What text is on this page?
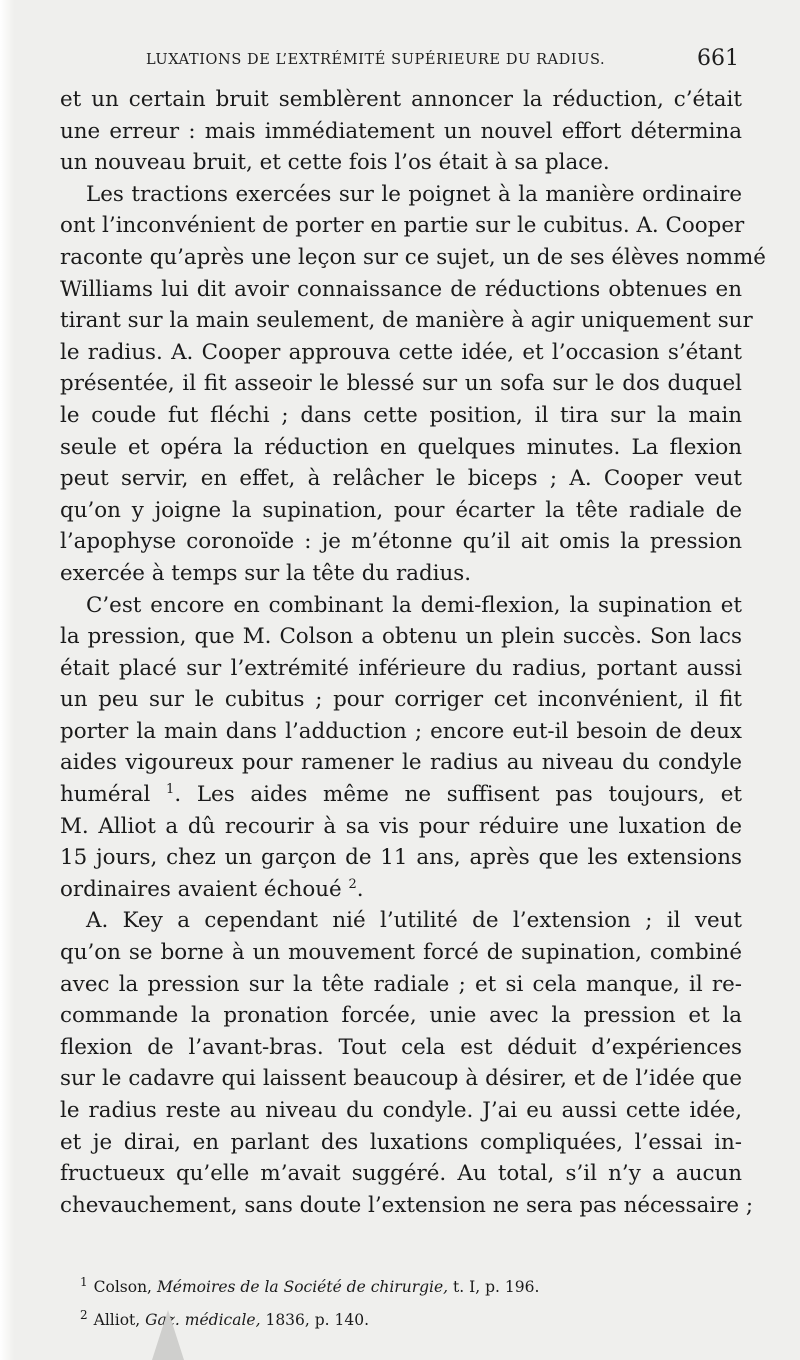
LUXATIONS DE L’EXTRÉMITÉ SUPÉRIEURE DU RADIUS.	661
et un certain bruit semblèrent annoncer la réduction, c’était
une erreur : mais immédiatement un nouvel effort détermina
un nouveau bruit, et cette fois l’os était à sa place.
Les tractions exercées sur le poignet à la manière ordinaire
ont l’inconvénient de porter en partie sur le cubitus. A. Cooper
raconte qu’après une leçon sur ce sujet, un de ses élèves nommé
Williams lui dit avoir connaissance de réductions obtenues en
tirant sur la main seulement, de manière à agir uniquement sur
le radius. A. Cooper approuva cette idée, et l’occasion s’étant
présentée, il fit asseoir le blessé sur un sofa sur le dos duquel
le coude fut fléchi ; dans cette position, il tira sur la main
seule et opéra la réduction en quelques minutes. La flexion
peut servir, en effet, à relâcher le biceps ; A. Cooper veut
qu’on y joigne la supination, pour écarter la tête radiale de
l’apophyse coronoïde : je m’étonne qu’il ait omis la pression
exercée à temps sur la tête du radius.
C’est encore en combinant la demi-flexion, la supination et
la pression, que M. Colson a obtenu un plein succès. Son lacs
était placé sur l’extrémité inférieure du radius, portant aussi
un peu sur le cubitus ; pour corriger cet inconvénient, il fit
porter la main dans l’adduction ; encore eut-il besoin de deux
aides vigoureux pour ramener le radius au niveau du condyle
huméral $^1$. Les aides même ne suffisent pas toujours, et
M. Alliot a dû recourir à sa vis pour réduire une luxation de
15 jours, chez un garçon de 11 ans, après que les extensions
ordinaires avaient échoué $^2$.
A. Key a cependant nié l’utilité de l’extension ; il veut
qu’on se borne à un mouvement forcé de supination, combiné
avec la pression sur la tête radiale ; et si cela manque, il re-
commande la pronation forcée, unie avec la pression et la
flexion de l’avant-bras. Tout cela est déduit d’expériences
sur le cadavre qui laissent beaucoup à désirer, et de l’idée que
le radius reste au niveau du condyle. J’ai eu aussi cette idée,
et je dirai, en parlant des luxations compliquées, l’essai in-
fructueux qu’elle m’avait suggéré. Au total, s’il n’y a aucun
chevauchement, sans doute l’extension ne sera pas nécessaire ;
$^1$ Colson, Mémoires de la Société de chirurgie, t. I, p. 196.
$^2$ Alliot, Gaz. médicale, 1836, p. 140.
